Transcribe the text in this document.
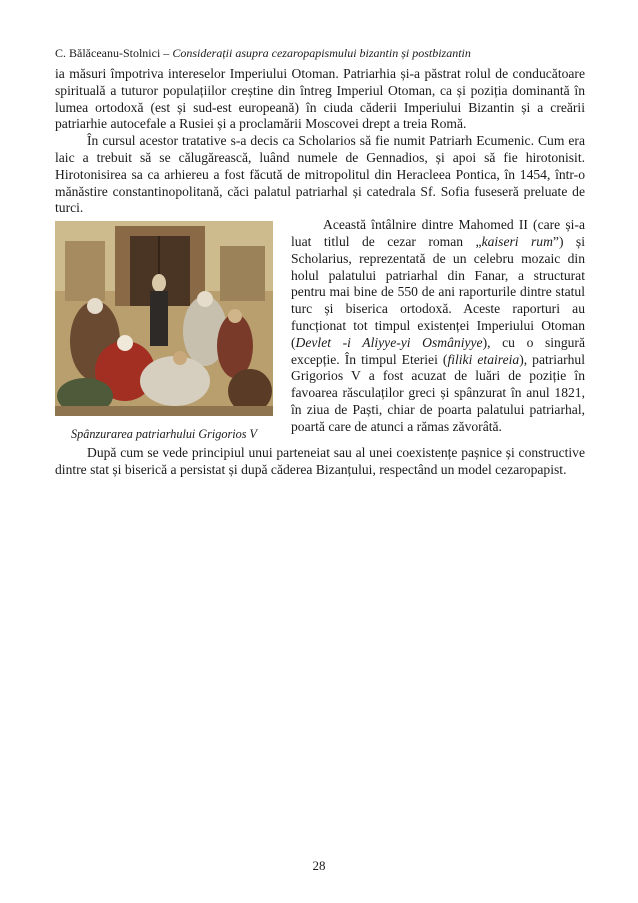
C. Bălăceanu-Stolnici – Considerații asupra cezaropapismului bizantin și postbizantin

ia măsuri împotriva intereselor Imperiului Otoman. Patriarhia și-a păstrat rolul de conducătoare spirituală a tuturor populațiilor creștine din întreg Imperiul Otoman, ca și poziția dominantă în lumea ortodoxă (est și sud-est europeană) în ciuda căderii Imperiului Bizantin și a creării patriarhie autocefale a Rusiei și a proclamării Moscovei drept a treia Romă.

În cursul acestor tratative s-a decis ca Scholarios să fie numit Patriarh Ecumenic. Cum era laic a trebuit să se călugărească, luând numele de Gennadios, și apoi să fie hirotonisit. Hirotonisirea sa ca arhiereu a fost făcută de mitropolitul din Heracleea Pontica, în 1454, într-o mănăstire constantinopolitană, căci palatul patriarhal și catedrala Sf. Sofia fuseseră preluate de turci.

Spânzurarea patriarhului Grigorios V

Această întâlnire dintre Mahomed II (care și-a luat titlul de cezar roman „kaiseri rum”) și Scholarius, reprezentată de un celebru mozaic din holul palatului patriarhal din Fanar, a structurat pentru mai bine de 550 de ani raporturile dintre statul turc și biserica ortodoxă. Aceste raporturi au funcționat tot timpul existenței Imperiului Otoman (Devlet -i Aliyye-yi Osmâniyye), cu o singură excepție. În timpul Eteriei (filiki etaireia), patriarhul Grigorios V a fost acuzat de luări de poziție în favoarea răsculaților greci și spânzurat în anul 1821, în ziua de Paști, chiar de poarta palatului patriarhal, poartă care de atunci a rămas zăvorâtă.

După cum se vede principiul unui parteneiat sau al unei coexistențe pașnice și constructive dintre stat și biserică a persistat și după căderea Bizanțului, respectând un model cezaropapist.

28
